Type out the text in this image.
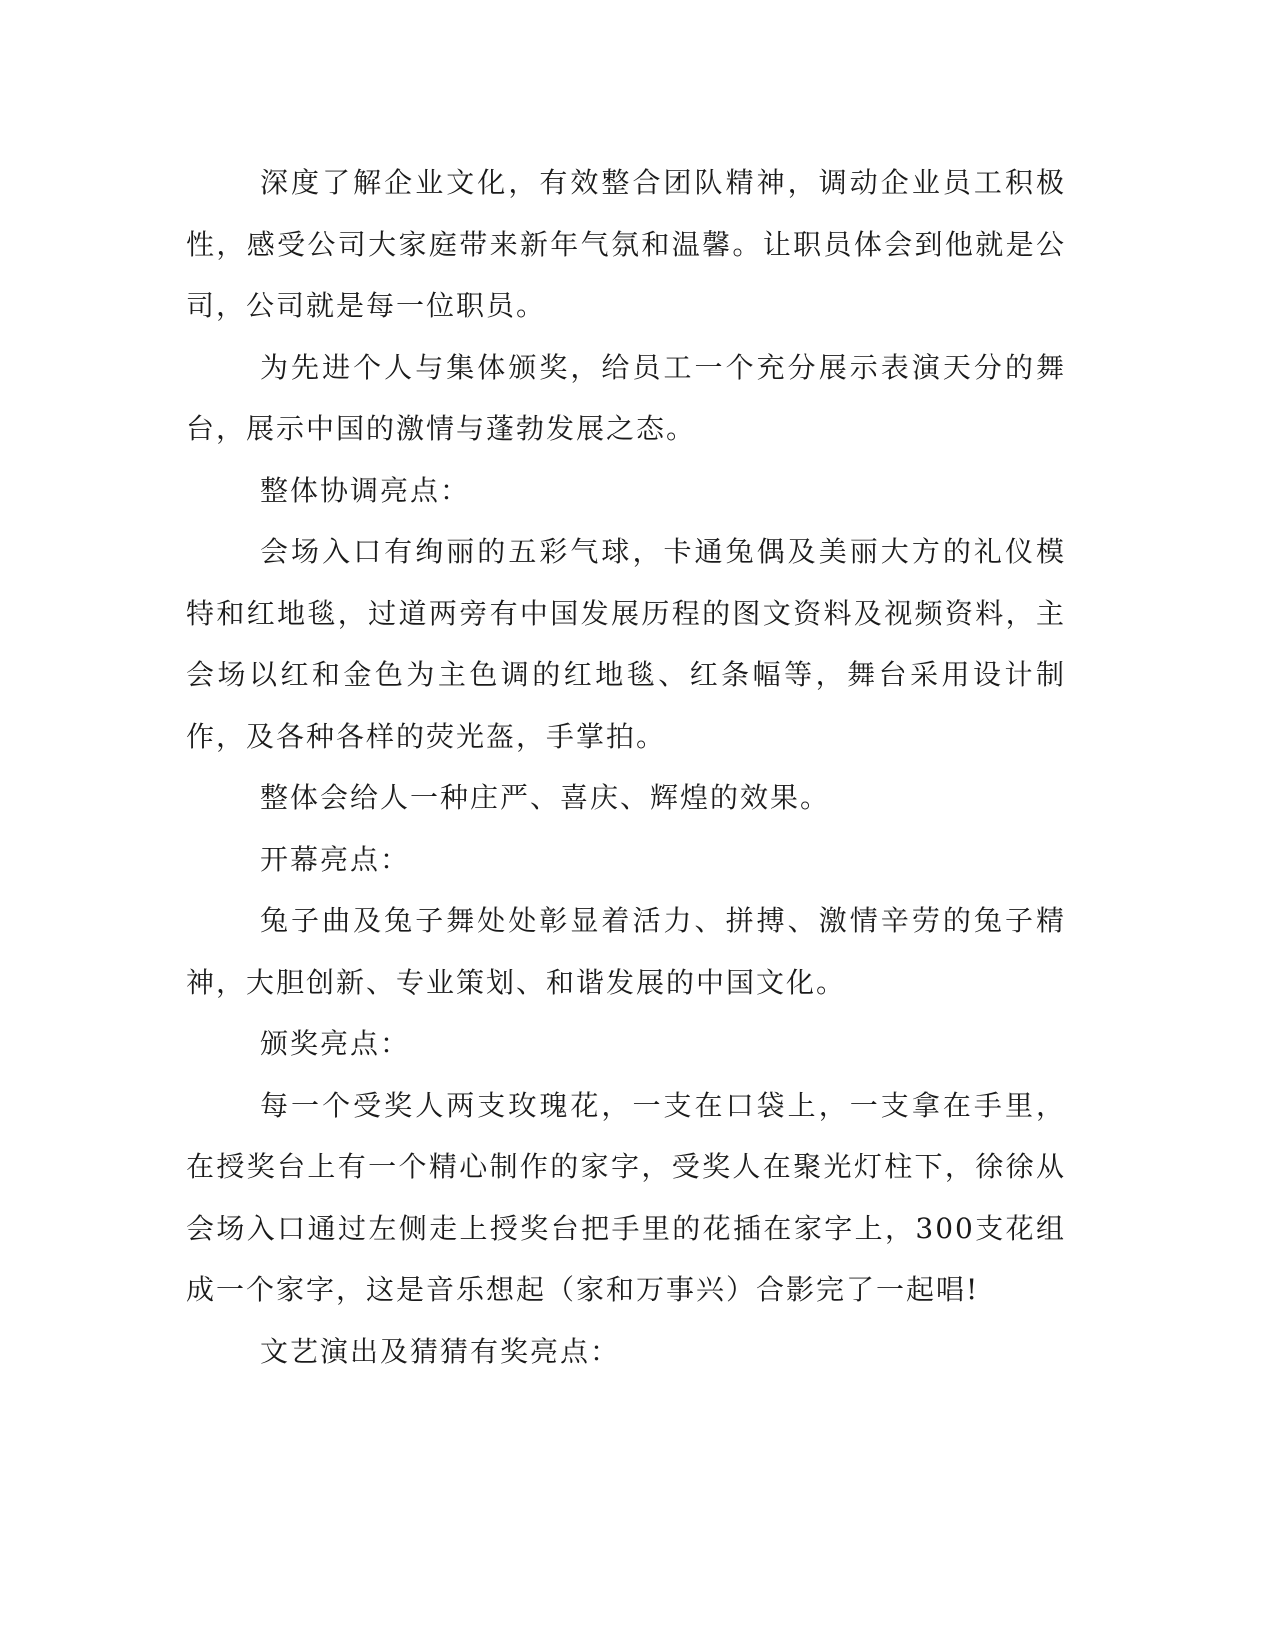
深度了解企业文化，有效整合团队精神，调动企业员工积极性，感受公司大家庭带来新年气氛和温馨。让职员体会到他就是公司，公司就是每一位职员。

为先进个人与集体颁奖，给员工一个充分展示表演天分的舞台，展示中国的激情与蓬勃发展之态。

整体协调亮点：

会场入口有绚丽的五彩气球，卡通兔偶及美丽大方的礼仪模特和红地毯，过道两旁有中国发展历程的图文资料及视频资料，主会场以红和金色为主色调的红地毯、红条幅等，舞台采用设计制作，及各种各样的荧光盔，手掌拍。

整体会给人一种庄严、喜庆、辉煌的效果。

开幕亮点：

兔子曲及兔子舞处处彰显着活力、拼搏、激情辛劳的兔子精神，大胆创新、专业策划、和谐发展的中国文化。

颁奖亮点：

每一个受奖人两支玫瑰花，一支在口袋上，一支拿在手里，在授奖台上有一个精心制作的家字，受奖人在聚光灯柱下，徐徐从会场入口通过左侧走上授奖台把手里的花插在家字上，300支花组成一个家字，这是音乐想起（家和万事兴）合影完了一起唱!

文艺演出及猜猜有奖亮点：
